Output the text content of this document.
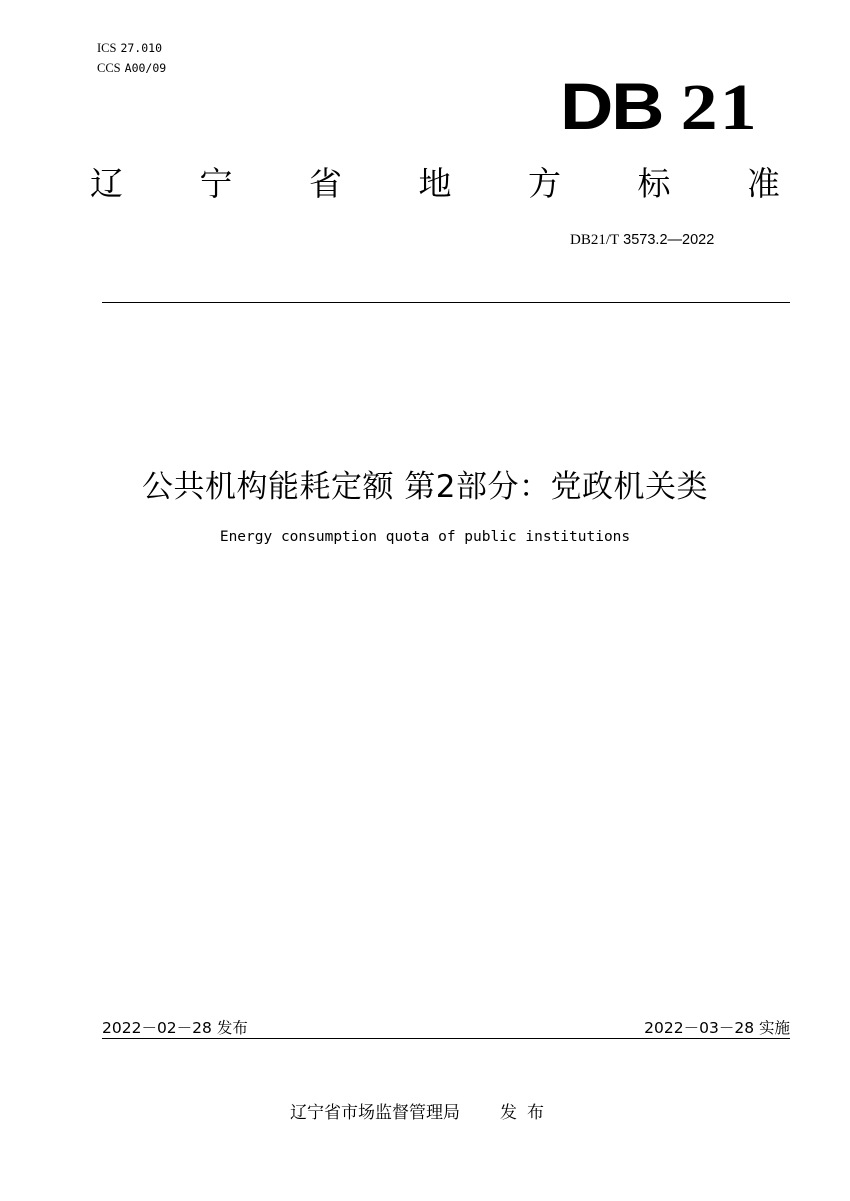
ICS 27.010
CCS A00/09
DB 21
辽 宁 省 地 方 标 准
DB21/T 3573.2—2022
公共机构能耗定额 第2部分：党政机关类
Energy consumption quota of public institutions
2022－02－28 发布	2022－03－28 实施
辽宁省市场监督管理局 发布
